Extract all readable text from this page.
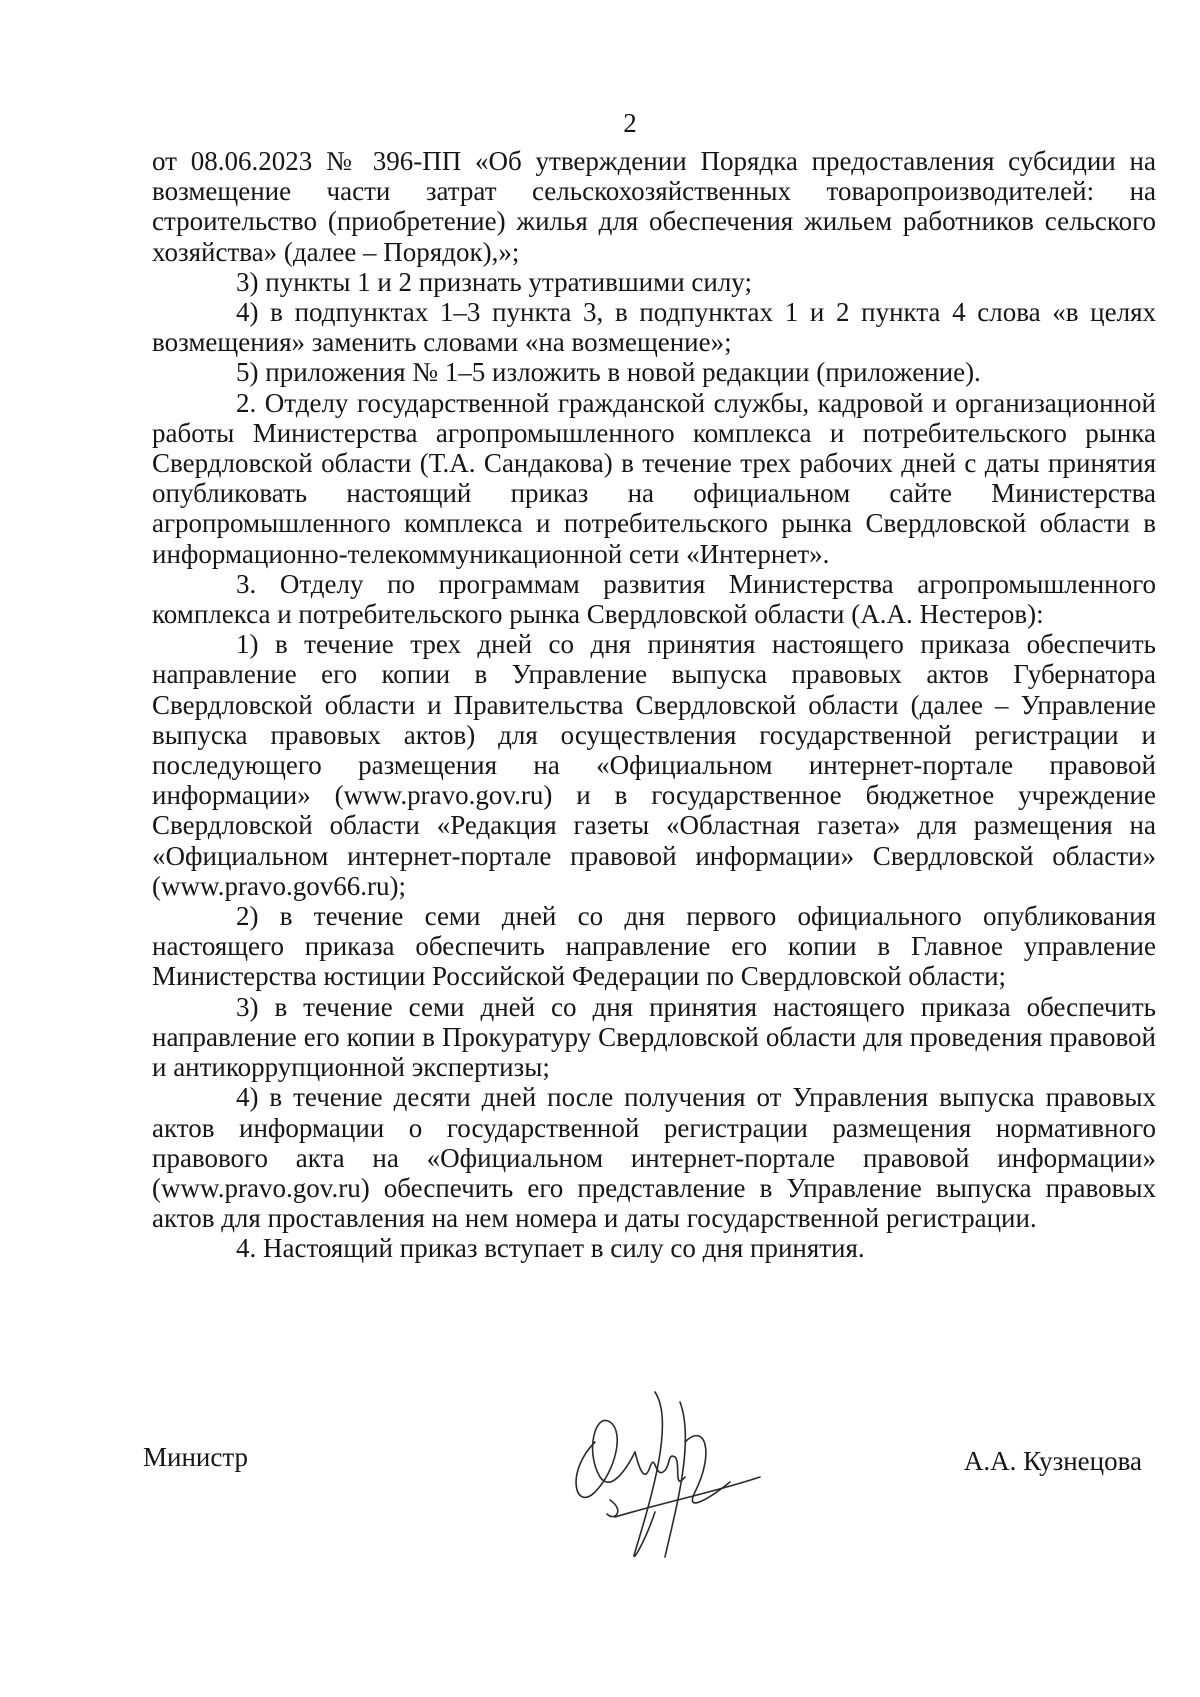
2

от 08.06.2023 № 396-ПП «Об утверждении Порядка предоставления субсидии на возмещение части затрат сельскохозяйственных товаропроизводителей: на строительство (приобретение) жилья для обеспечения жильем работников сельского хозяйства» (далее – Порядок),»;

3) пункты 1 и 2 признать утратившими силу;

4) в подпунктах 1–3 пункта 3, в подпунктах 1 и 2 пункта 4 слова «в целях возмещения» заменить словами «на возмещение»;

5) приложения № 1–5 изложить в новой редакции (приложение).

2. Отделу государственной гражданской службы, кадровой и организационной работы Министерства агропромышленного комплекса и потребительского рынка Свердловской области (Т.А. Сандакова) в течение трех рабочих дней с даты принятия опубликовать настоящий приказ на официальном сайте Министерства агропромышленного комплекса и потребительского рынка Свердловской области в информационно-телекоммуникационной сети «Интернет».

3. Отделу по программам развития Министерства агропромышленного комплекса и потребительского рынка Свердловской области (А.А. Нестеров):

1) в течение трех дней со дня принятия настоящего приказа обеспечить направление его копии в Управление выпуска правовых актов Губернатора Свердловской области и Правительства Свердловской области (далее – Управление выпуска правовых актов) для осуществления государственной регистрации и последующего размещения на «Официальном интернет-портале правовой информации» (www.pravo.gov.ru) и в государственное бюджетное учреждение Свердловской области «Редакция газеты «Областная газета» для размещения на «Официальном интернет-портале правовой информации» Свердловской области» (www.pravo.gov66.ru);

2) в течение семи дней со дня первого официального опубликования настоящего приказа обеспечить направление его копии в Главное управление Министерства юстиции Российской Федерации по Свердловской области;

3) в течение семи дней со дня принятия настоящего приказа обеспечить направление его копии в Прокуратуру Свердловской области для проведения правовой и антикоррупционной экспертизы;

4) в течение десяти дней после получения от Управления выпуска правовых актов информации о государственной регистрации размещения нормативного правового акта на «Официальном интернет-портале правовой информации» (www.pravo.gov.ru) обеспечить его представление в Управление выпуска правовых актов для проставления на нем номера и даты государственной регистрации.

4. Настоящий приказ вступает в силу со дня принятия.

Министр	А.А. Кузнецова
